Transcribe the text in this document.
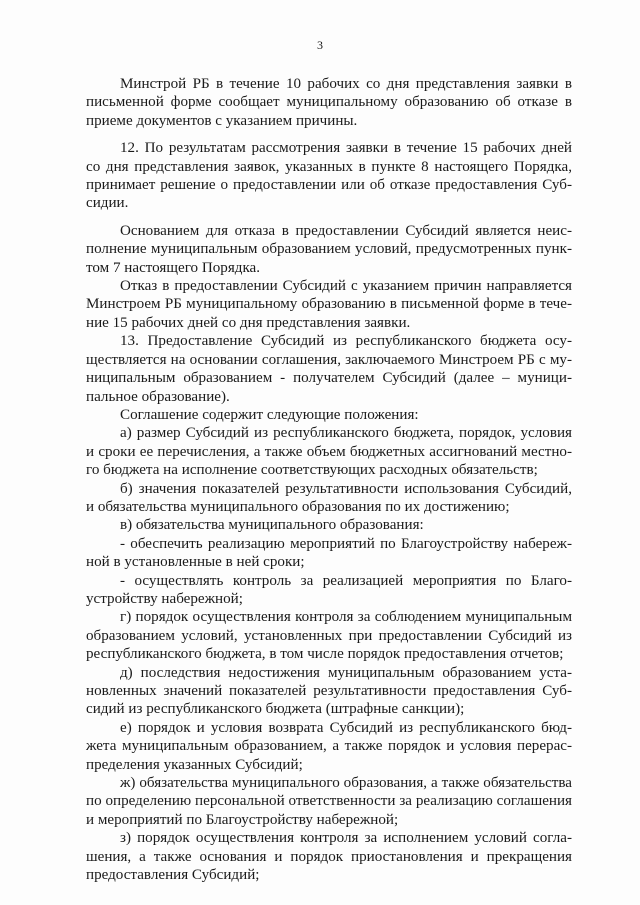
3

Минстрой РБ в течение 10 рабочих со дня представления заявки в письменной форме сообщает муниципальному образованию об отказе в приеме документов с указанием причины.

12. По результатам рассмотрения заявки в течение 15 рабочих дней со дня представления заявок, указанных в пункте 8 настоящего Порядка, принимает решение о предоставлении или об отказе предоставления Субсидии.

Основанием для отказа в предоставлении Субсидий является неисполнение муниципальным образованием условий, предусмотренных пунктом 7 настоящего Порядка.

Отказ в предоставлении Субсидий с указанием причин направляется Минстроем РБ муниципальному образованию в письменной форме в течение 15 рабочих дней со дня представления заявки.

13. Предоставление Субсидий из республиканского бюджета осуществляется на основании соглашения, заключаемого Минстроем РБ с муниципальным образованием - получателем Субсидий (далее – муниципальное образование).

Соглашение содержит следующие положения:

а) размер Субсидий из республиканского бюджета, порядок, условия и сроки ее перечисления, а также объем бюджетных ассигнований местного бюджета на исполнение соответствующих расходных обязательств;

б) значения показателей результативности использования Субсидий, и обязательства муниципального образования по их достижению;

в) обязательства муниципального образования:

- обеспечить реализацию мероприятий по Благоустройству набережной в установленные в ней сроки;

- осуществлять контроль за реализацией мероприятия по Благоустройству набережной;

г) порядок осуществления контроля за соблюдением муниципальным образованием условий, установленных при предоставлении Субсидий из республиканского бюджета, в том числе порядок предоставления отчетов;

д) последствия недостижения муниципальным образованием установленных значений показателей результативности предоставления Субсидий из республиканского бюджета (штрафные санкции);

е) порядок и условия возврата Субсидий из республиканского бюджета муниципальным образованием, а также порядок и условия перераспределения указанных Субсидий;

ж) обязательства муниципального образования, а также обязательства по определению персональной ответственности за реализацию соглашения и мероприятий по Благоустройству набережной;

з) порядок осуществления контроля за исполнением условий соглашения, а также основания и порядок приостановления и прекращения предоставления Субсидий;
